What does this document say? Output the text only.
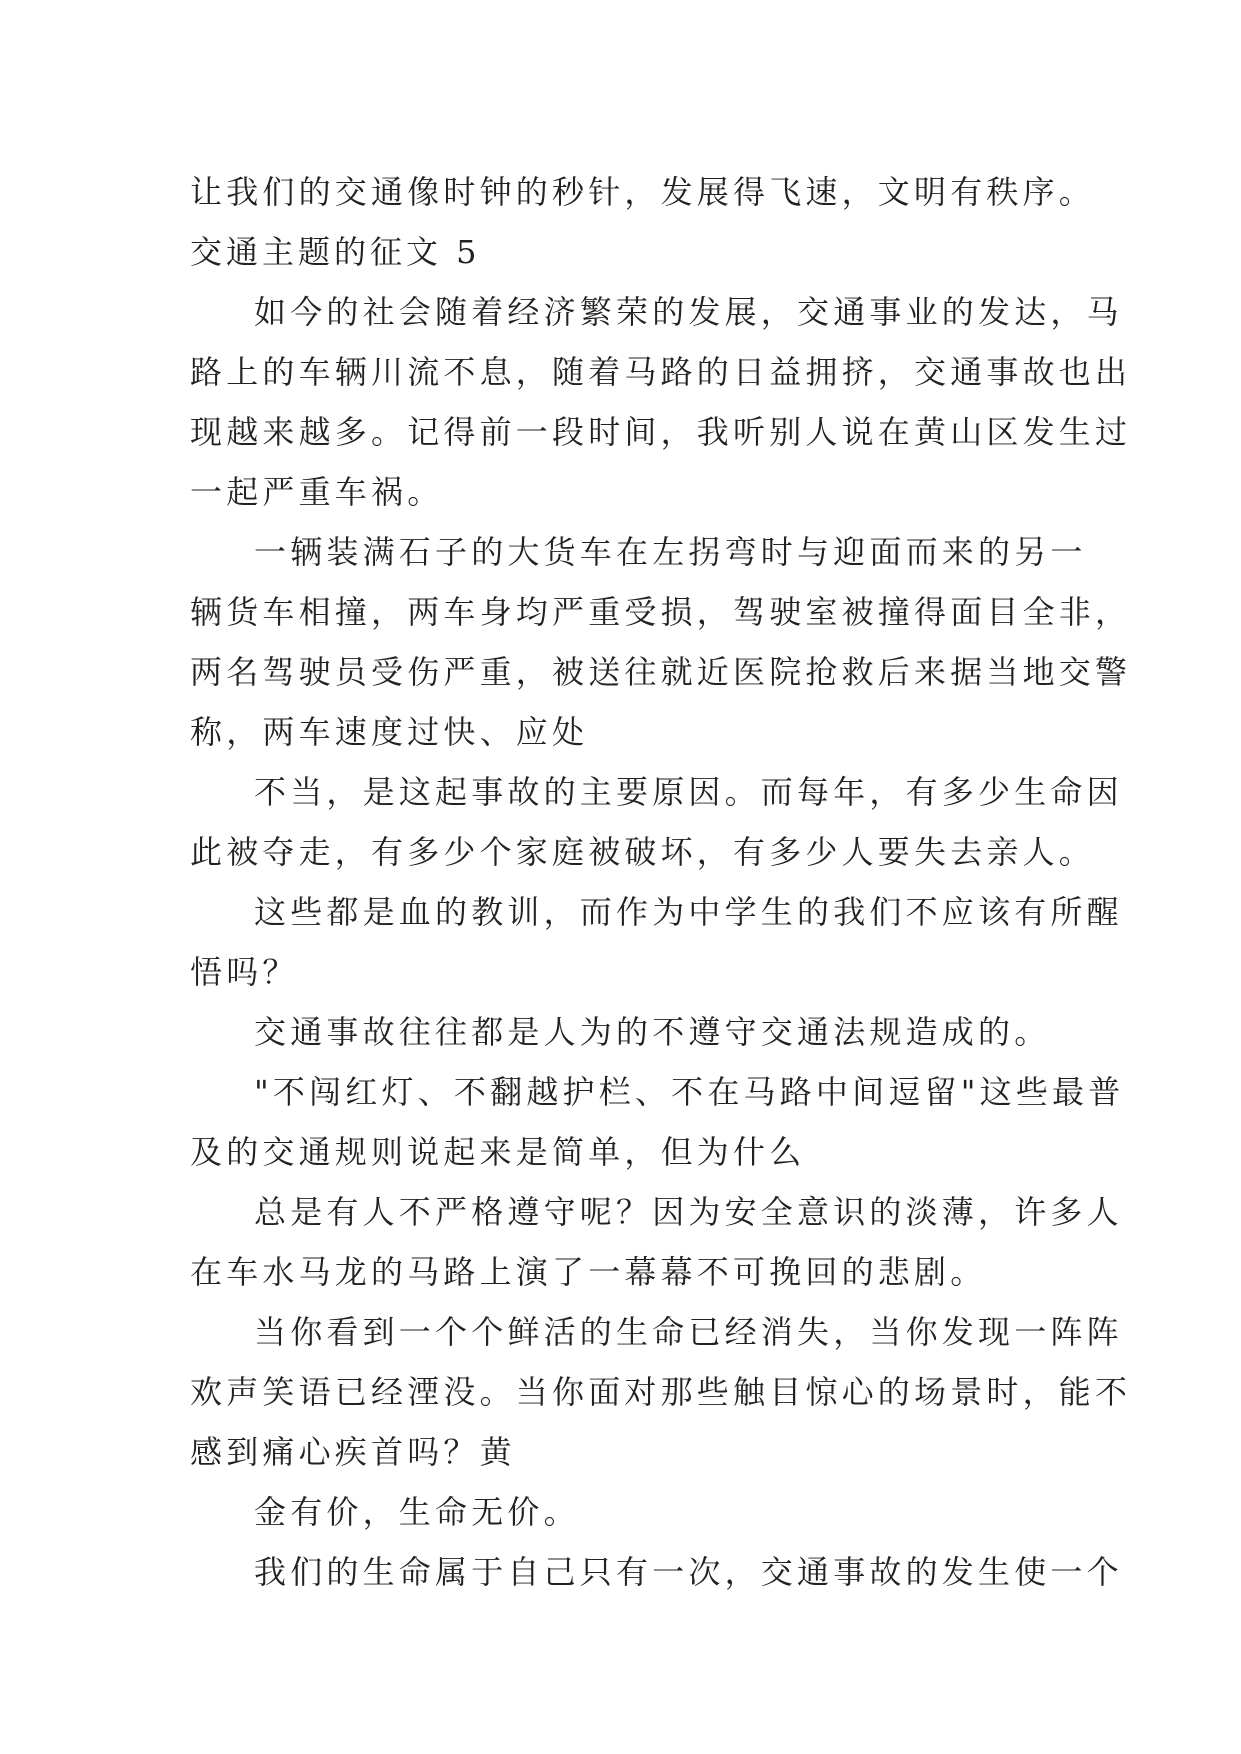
让我们的交通像时钟的秒针，发展得飞速，文明有秩序。
交通主题的征文 5
如今的社会随着经济繁荣的发展，交通事业的发达，马
路上的车辆川流不息，随着马路的日益拥挤，交通事故也出
现越来越多。记得前一段时间，我听别人说在黄山区发生过
一起严重车祸。
一辆装满石子的大货车在左拐弯时与迎面而来的另一
辆货车相撞，两车身均严重受损，驾驶室被撞得面目全非，
两名驾驶员受伤严重，被送往就近医院抢救后来据当地交警
称，两车速度过快、应处
不当，是这起事故的主要原因。而每年，有多少生命因
此被夺走，有多少个家庭被破坏，有多少人要失去亲人。
这些都是血的教训，而作为中学生的我们不应该有所醒
悟吗？
交通事故往往都是人为的不遵守交通法规造成的。
"不闯红灯、不翻越护栏、不在马路中间逗留"这些最普
及的交通规则说起来是简单，但为什么
总是有人不严格遵守呢？因为安全意识的淡薄，许多人
在车水马龙的马路上演了一幕幕不可挽回的悲剧。
当你看到一个个鲜活的生命已经消失，当你发现一阵阵
欢声笑语已经湮没。当你面对那些触目惊心的场景时，能不
感到痛心疾首吗？黄
金有价，生命无价。
我们的生命属于自己只有一次，交通事故的发生使一个
